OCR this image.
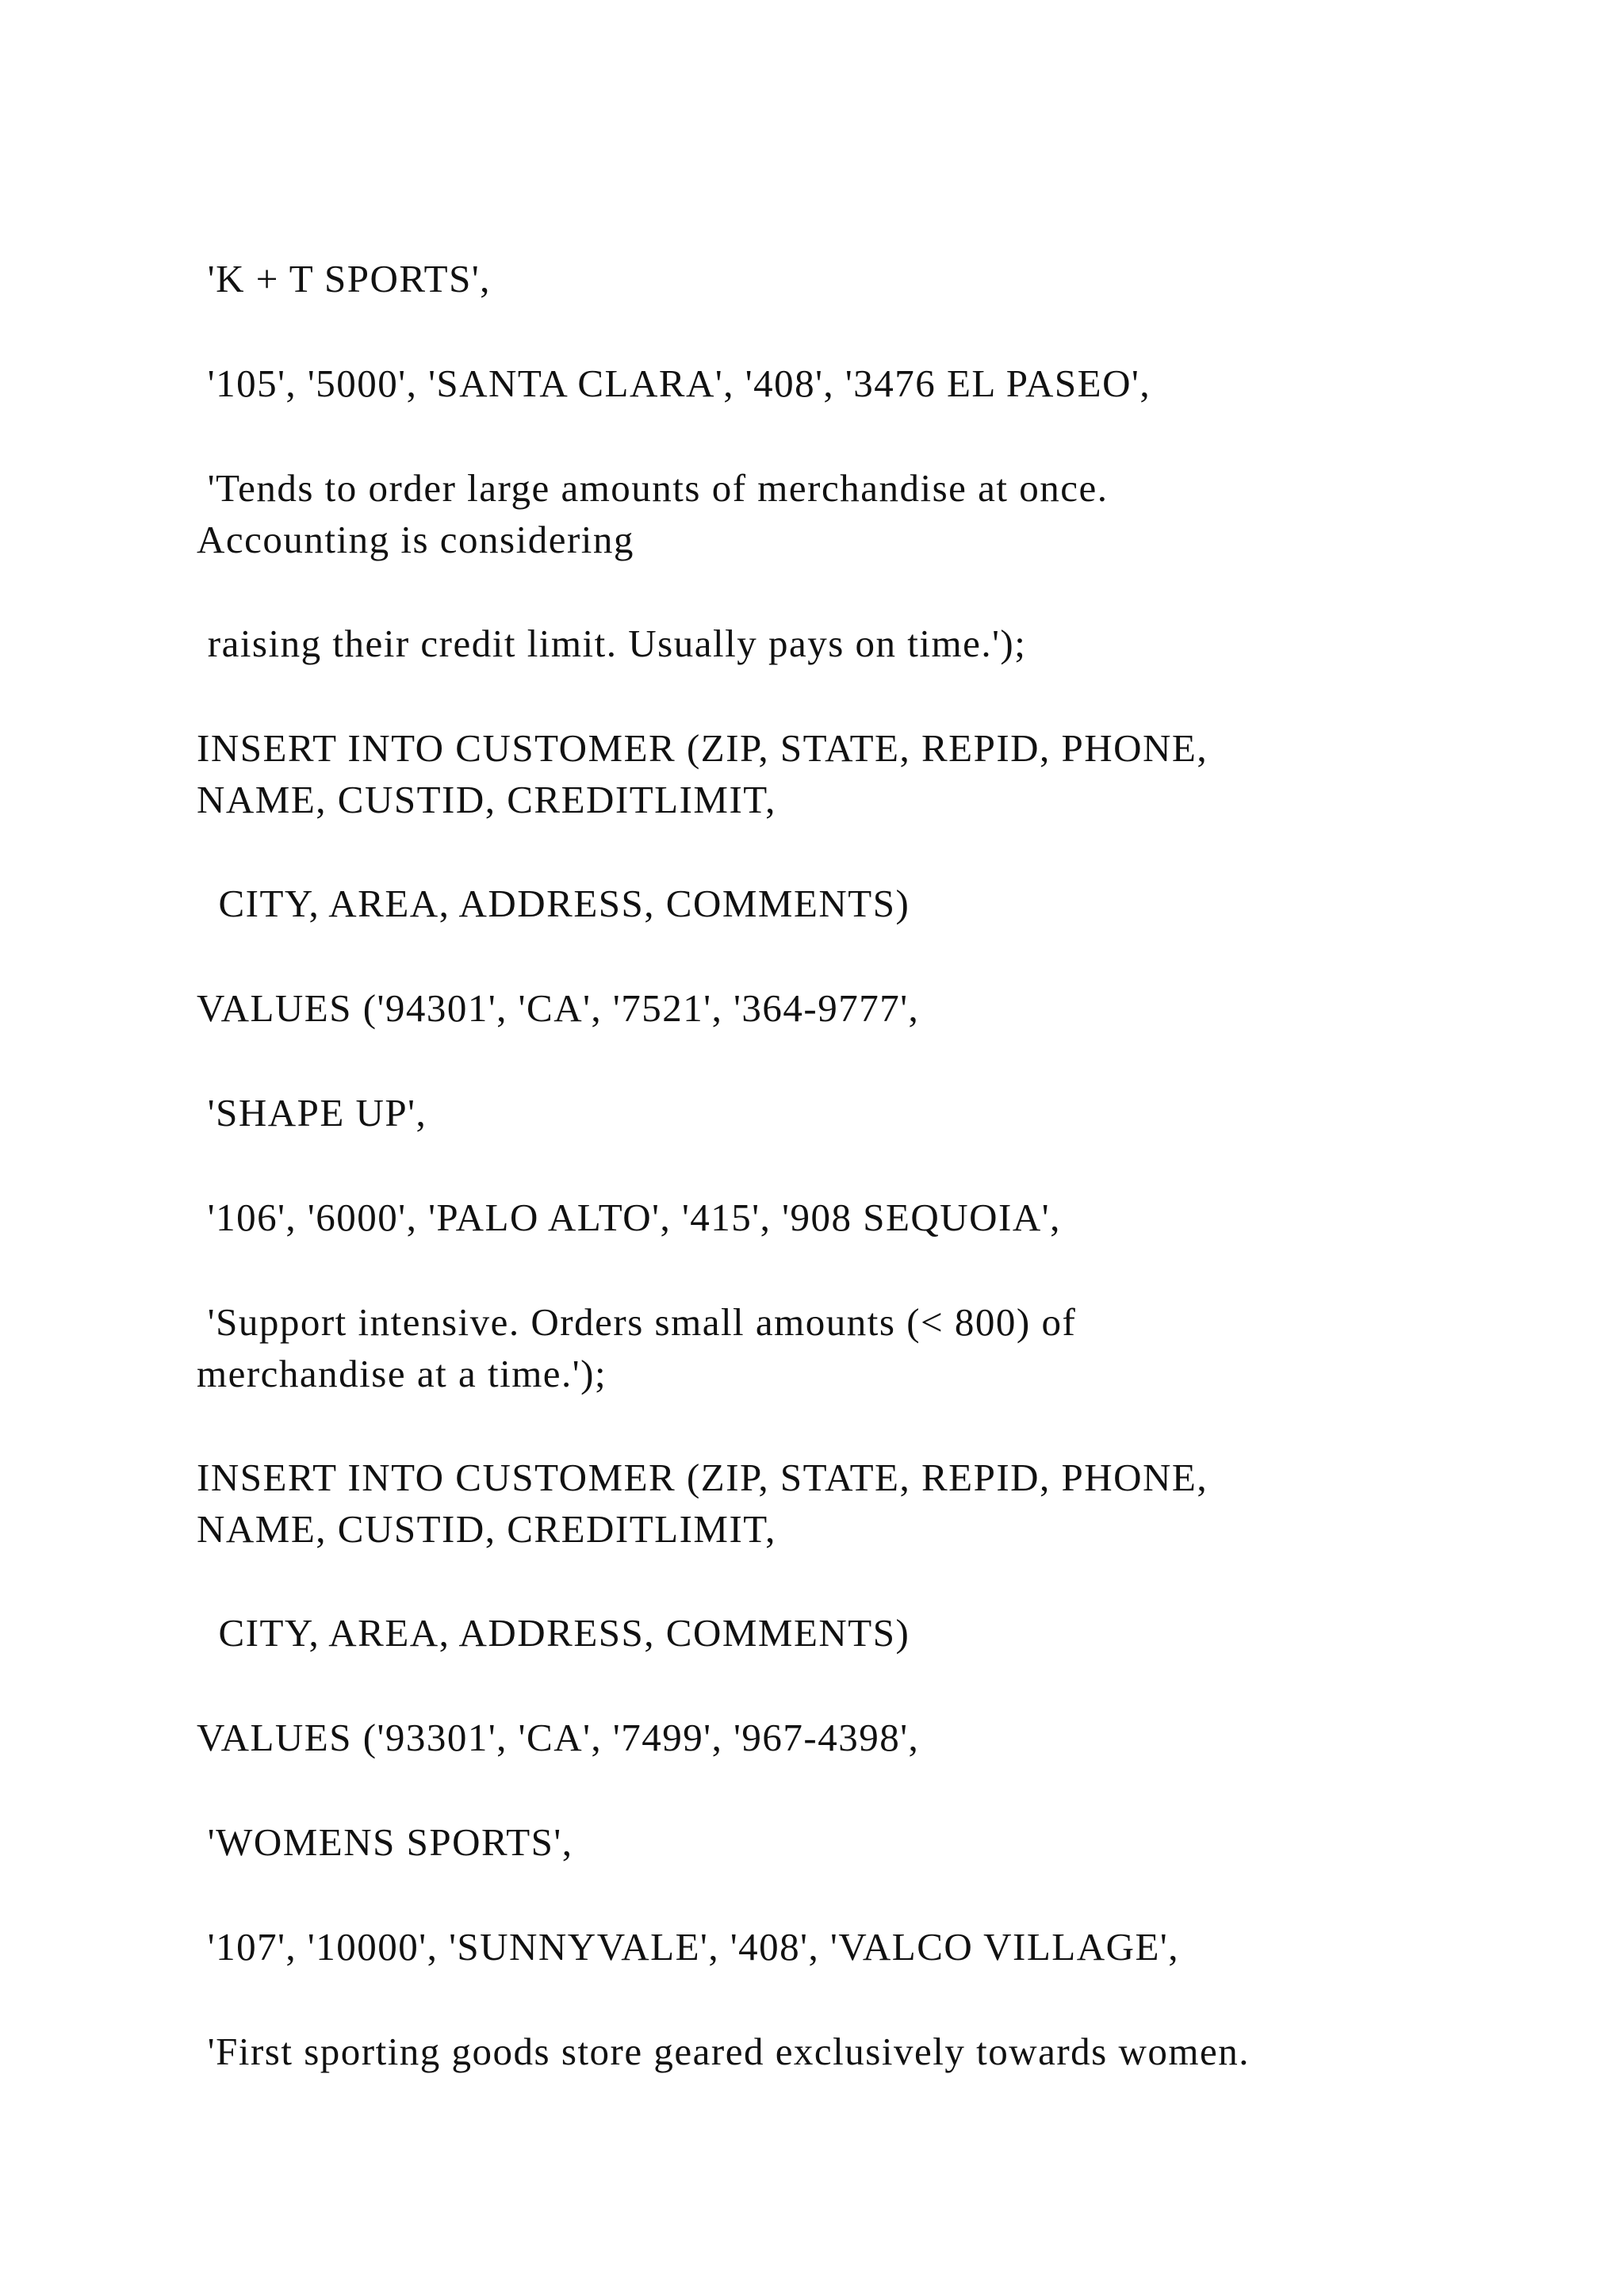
'K + T SPORTS',
'105', '5000', 'SANTA CLARA', '408', '3476 EL PASEO',
'Tends to order large amounts of merchandise at once.
Accounting is considering
raising their credit limit. Usually pays on time.');
INSERT INTO CUSTOMER (ZIP, STATE, REPID, PHONE,
NAME, CUSTID, CREDITLIMIT,
CITY, AREA, ADDRESS, COMMENTS)
VALUES ('94301', 'CA', '7521', '364-9777',
'SHAPE UP',
'106', '6000', 'PALO ALTO', '415', '908 SEQUOIA',
'Support intensive. Orders small amounts (< 800) of
merchandise at a time.');
INSERT INTO CUSTOMER (ZIP, STATE, REPID, PHONE,
NAME, CUSTID, CREDITLIMIT,
CITY, AREA, ADDRESS, COMMENTS)
VALUES ('93301', 'CA', '7499', '967-4398',
'WOMENS SPORTS',
'107', '10000', 'SUNNYVALE', '408', 'VALCO VILLAGE',
'First sporting goods store geared exclusively towards women.
